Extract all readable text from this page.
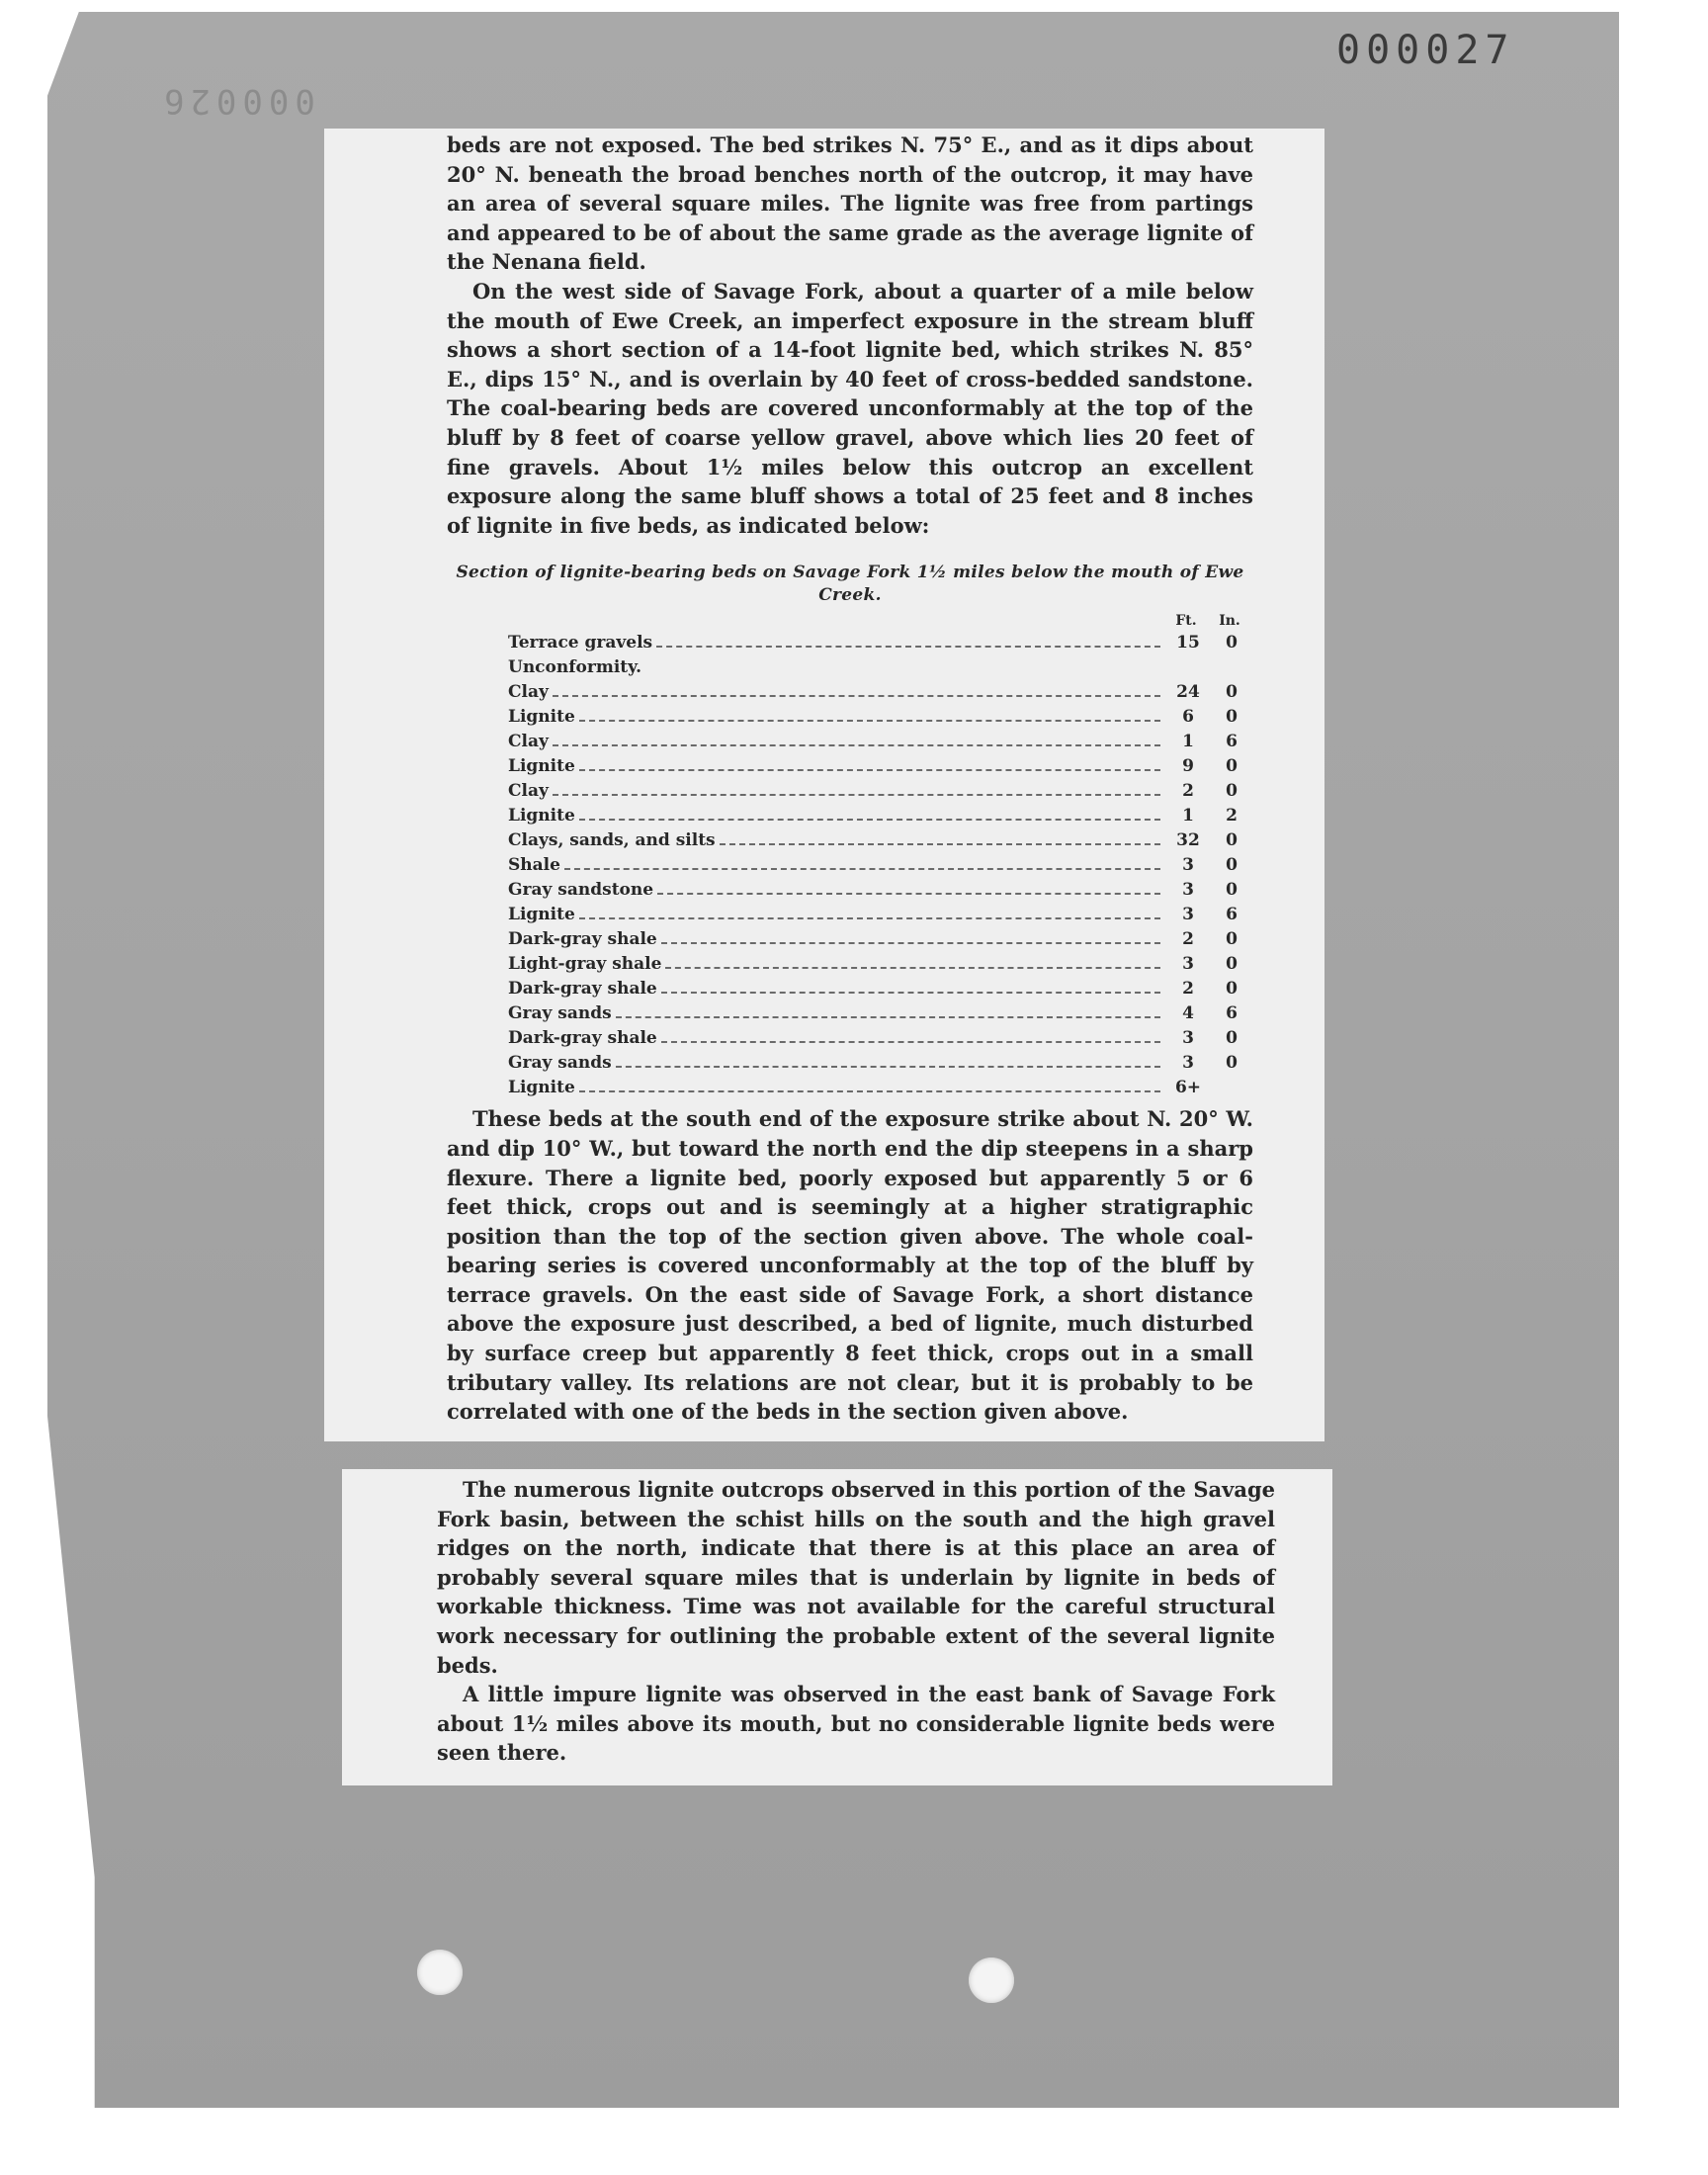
000027
000026

beds are not exposed. The bed strikes N. 75° E., and as it dips about 20° N. beneath the broad benches north of the outcrop, it may have an area of several square miles. The lignite was free from partings and appeared to be of about the same grade as the average lignite of the Nenana field.

On the west side of Savage Fork, about a quarter of a mile below the mouth of Ewe Creek, an imperfect exposure in the stream bluff shows a short section of a 14-foot lignite bed, which strikes N. 85° E., dips 15° N., and is overlain by 40 feet of cross-bedded sandstone. The coal-bearing beds are covered unconformably at the top of the bluff by 8 feet of coarse yellow gravel, above which lies 20 feet of fine gravels. About 1½ miles below this outcrop an excellent exposure along the same bluff shows a total of 25 feet and 8 inches of lignite in five beds, as indicated below:

Section of lignite-bearing beds on Savage Fork 1½ miles below the mouth of Ewe Creek.
Ft.	In.
Terrace gravels	15	0
Unconformity.
Clay	24	0
Lignite	6	0
Clay	1	6
Lignite	9	0
Clay	2	0
Lignite	1	2
Clays, sands, and silts	32	0
Shale	3	0
Gray sandstone	3	0
Lignite	3	6
Dark-gray shale	2	0
Light-gray shale	3	0
Dark-gray shale	2	0
Gray sands	4	6
Dark-gray shale	3	0
Gray sands	3	0
Lignite	6+

These beds at the south end of the exposure strike about N. 20° W. and dip 10° W., but toward the north end the dip steepens in a sharp flexure. There a lignite bed, poorly exposed but apparently 5 or 6 feet thick, crops out and is seemingly at a higher stratigraphic position than the top of the section given above. The whole coal-bearing series is covered unconformably at the top of the bluff by terrace gravels. On the east side of Savage Fork, a short distance above the exposure just described, a bed of lignite, much disturbed by surface creep but apparently 8 feet thick, crops out in a small tributary valley. Its relations are not clear, but it is probably to be correlated with one of the beds in the section given above.

The numerous lignite outcrops observed in this portion of the Savage Fork basin, between the schist hills on the south and the high gravel ridges on the north, indicate that there is at this place an area of probably several square miles that is underlain by lignite in beds of workable thickness. Time was not available for the careful structural work necessary for outlining the probable extent of the several lignite beds.

A little impure lignite was observed in the east bank of Savage Fork about 1½ miles above its mouth, but no considerable lignite beds were seen there.
